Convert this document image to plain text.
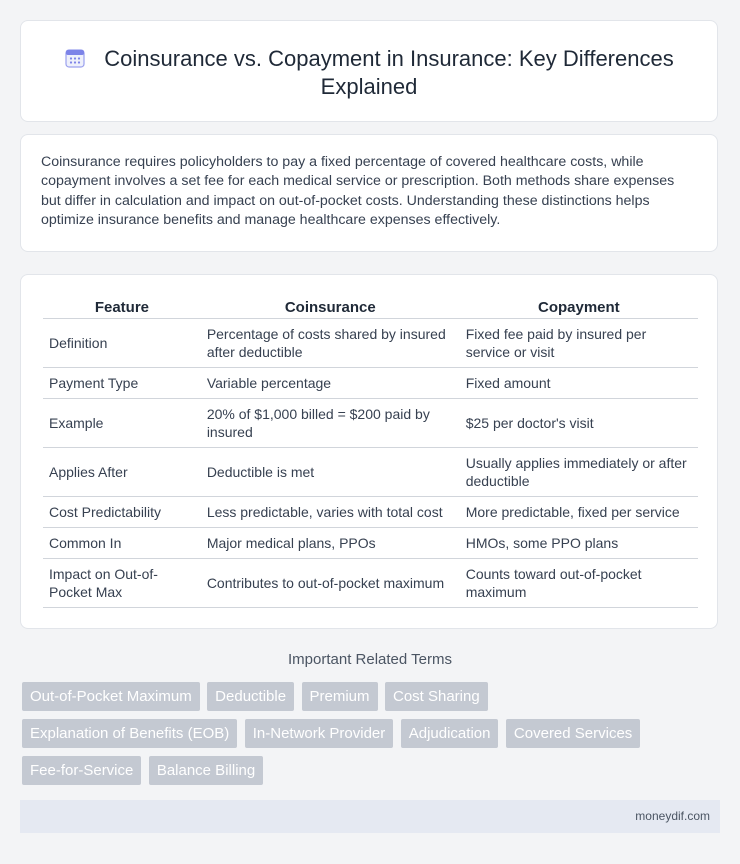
Coinsurance vs. Copayment in Insurance: Key Differences Explained
Coinsurance requires policyholders to pay a fixed percentage of covered healthcare costs, while copayment involves a set fee for each medical service or prescription. Both methods share expenses but differ in calculation and impact on out-of-pocket costs. Understanding these distinctions helps optimize insurance benefits and manage healthcare expenses effectively.
Feature	Coinsurance	Copayment
Definition	Percentage of costs shared by insured after deductible	Fixed fee paid by insured per service or visit
Payment Type	Variable percentage	Fixed amount
Example	20% of $1,000 billed = $200 paid by insured	$25 per doctor's visit
Applies After	Deductible is met	Usually applies immediately or after deductible
Cost Predictability	Less predictable, varies with total cost	More predictable, fixed per service
Common In	Major medical plans, PPOs	HMOs, some PPO plans
Impact on Out-of-Pocket Max	Contributes to out-of-pocket maximum	Counts toward out-of-pocket maximum
Important Related Terms
Out-of-Pocket Maximum Deductible Premium Cost Sharing
Explanation of Benefits (EOB) In-Network Provider Adjudication Covered Services
Fee-for-Service Balance Billing
moneydif.com
